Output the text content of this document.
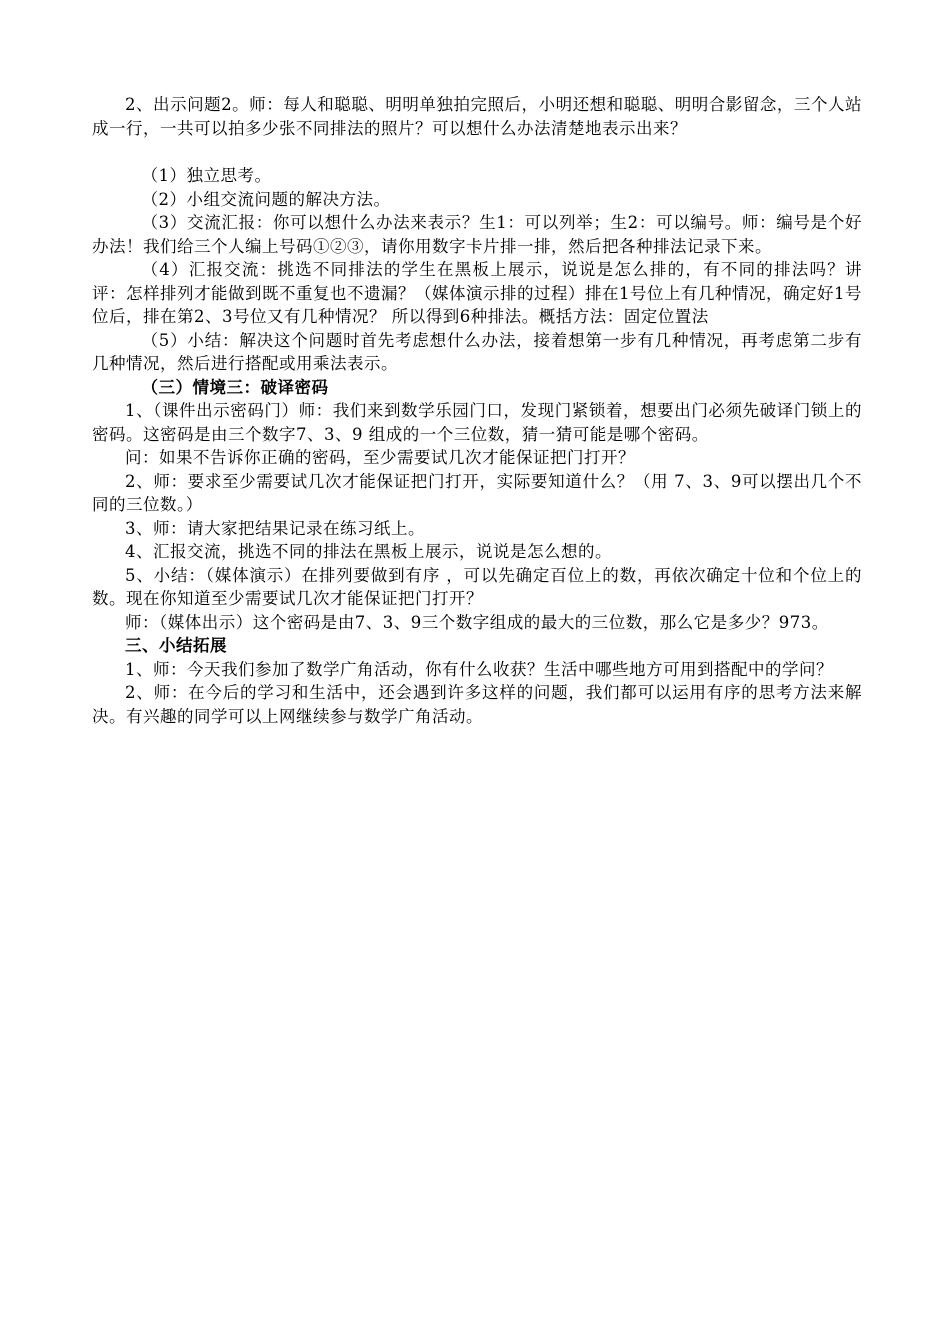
2、出示问题2。师：每人和聪聪、明明单独拍完照后，小明还想和聪聪、明明合影留念，三个人站成一行，一共可以拍多少张不同排法的照片？可以想什么办法清楚地表示出来？

（1）独立思考。

（2）小组交流问题的解决方法。

（3）交流汇报：你可以想什么办法来表示？生1：可以列举；生2：可以编号。师：编号是个好办法！我们给三个人编上号码①②③，请你用数字卡片排一排，然后把各种排法记录下来。

（4）汇报交流：挑选不同排法的学生在黑板上展示，说说是怎么排的，有不同的排法吗？讲评：怎样排列才能做到既不重复也不遗漏？（媒体演示排的过程）排在1号位上有几种情况，确定好1号位后，排在第2、3号位又有几种情况？ 所以得到6种排法。概括方法：固定位置法

（5）小结：解决这个问题时首先考虑想什么办法，接着想第一步有几种情况，再考虑第二步有几种情况，然后进行搭配或用乘法表示。

（三）情境三：破译密码

1、（课件出示密码门）师：我们来到数学乐园门口，发现门紧锁着，想要出门必须先破译门锁上的密码。这密码是由三个数字7、3、9 组成的一个三位数，猜一猜可能是哪个密码。

问：如果不告诉你正确的密码，至少需要试几次才能保证把门打开？

2、师：要求至少需要试几次才能保证把门打开，实际要知道什么？（用 7、3、9可以摆出几个不同的三位数。）

3、师：请大家把结果记录在练习纸上。

4、汇报交流，挑选不同的排法在黑板上展示，说说是怎么想的。

5、小结：（媒体演示）在排列要做到有序 ，可以先确定百位上的数，再依次确定十位和个位上的数。现在你知道至少需要试几次才能保证把门打开？

师：（媒体出示）这个密码是由7、3、9三个数字组成的最大的三位数，那么它是多少？973。

三、小结拓展

1、师：今天我们参加了数学广角活动，你有什么收获？生活中哪些地方可用到搭配中的学问？

2、师：在今后的学习和生活中，还会遇到许多这样的问题，我们都可以运用有序的思考方法来解决。有兴趣的同学可以上网继续参与数学广角活动。
